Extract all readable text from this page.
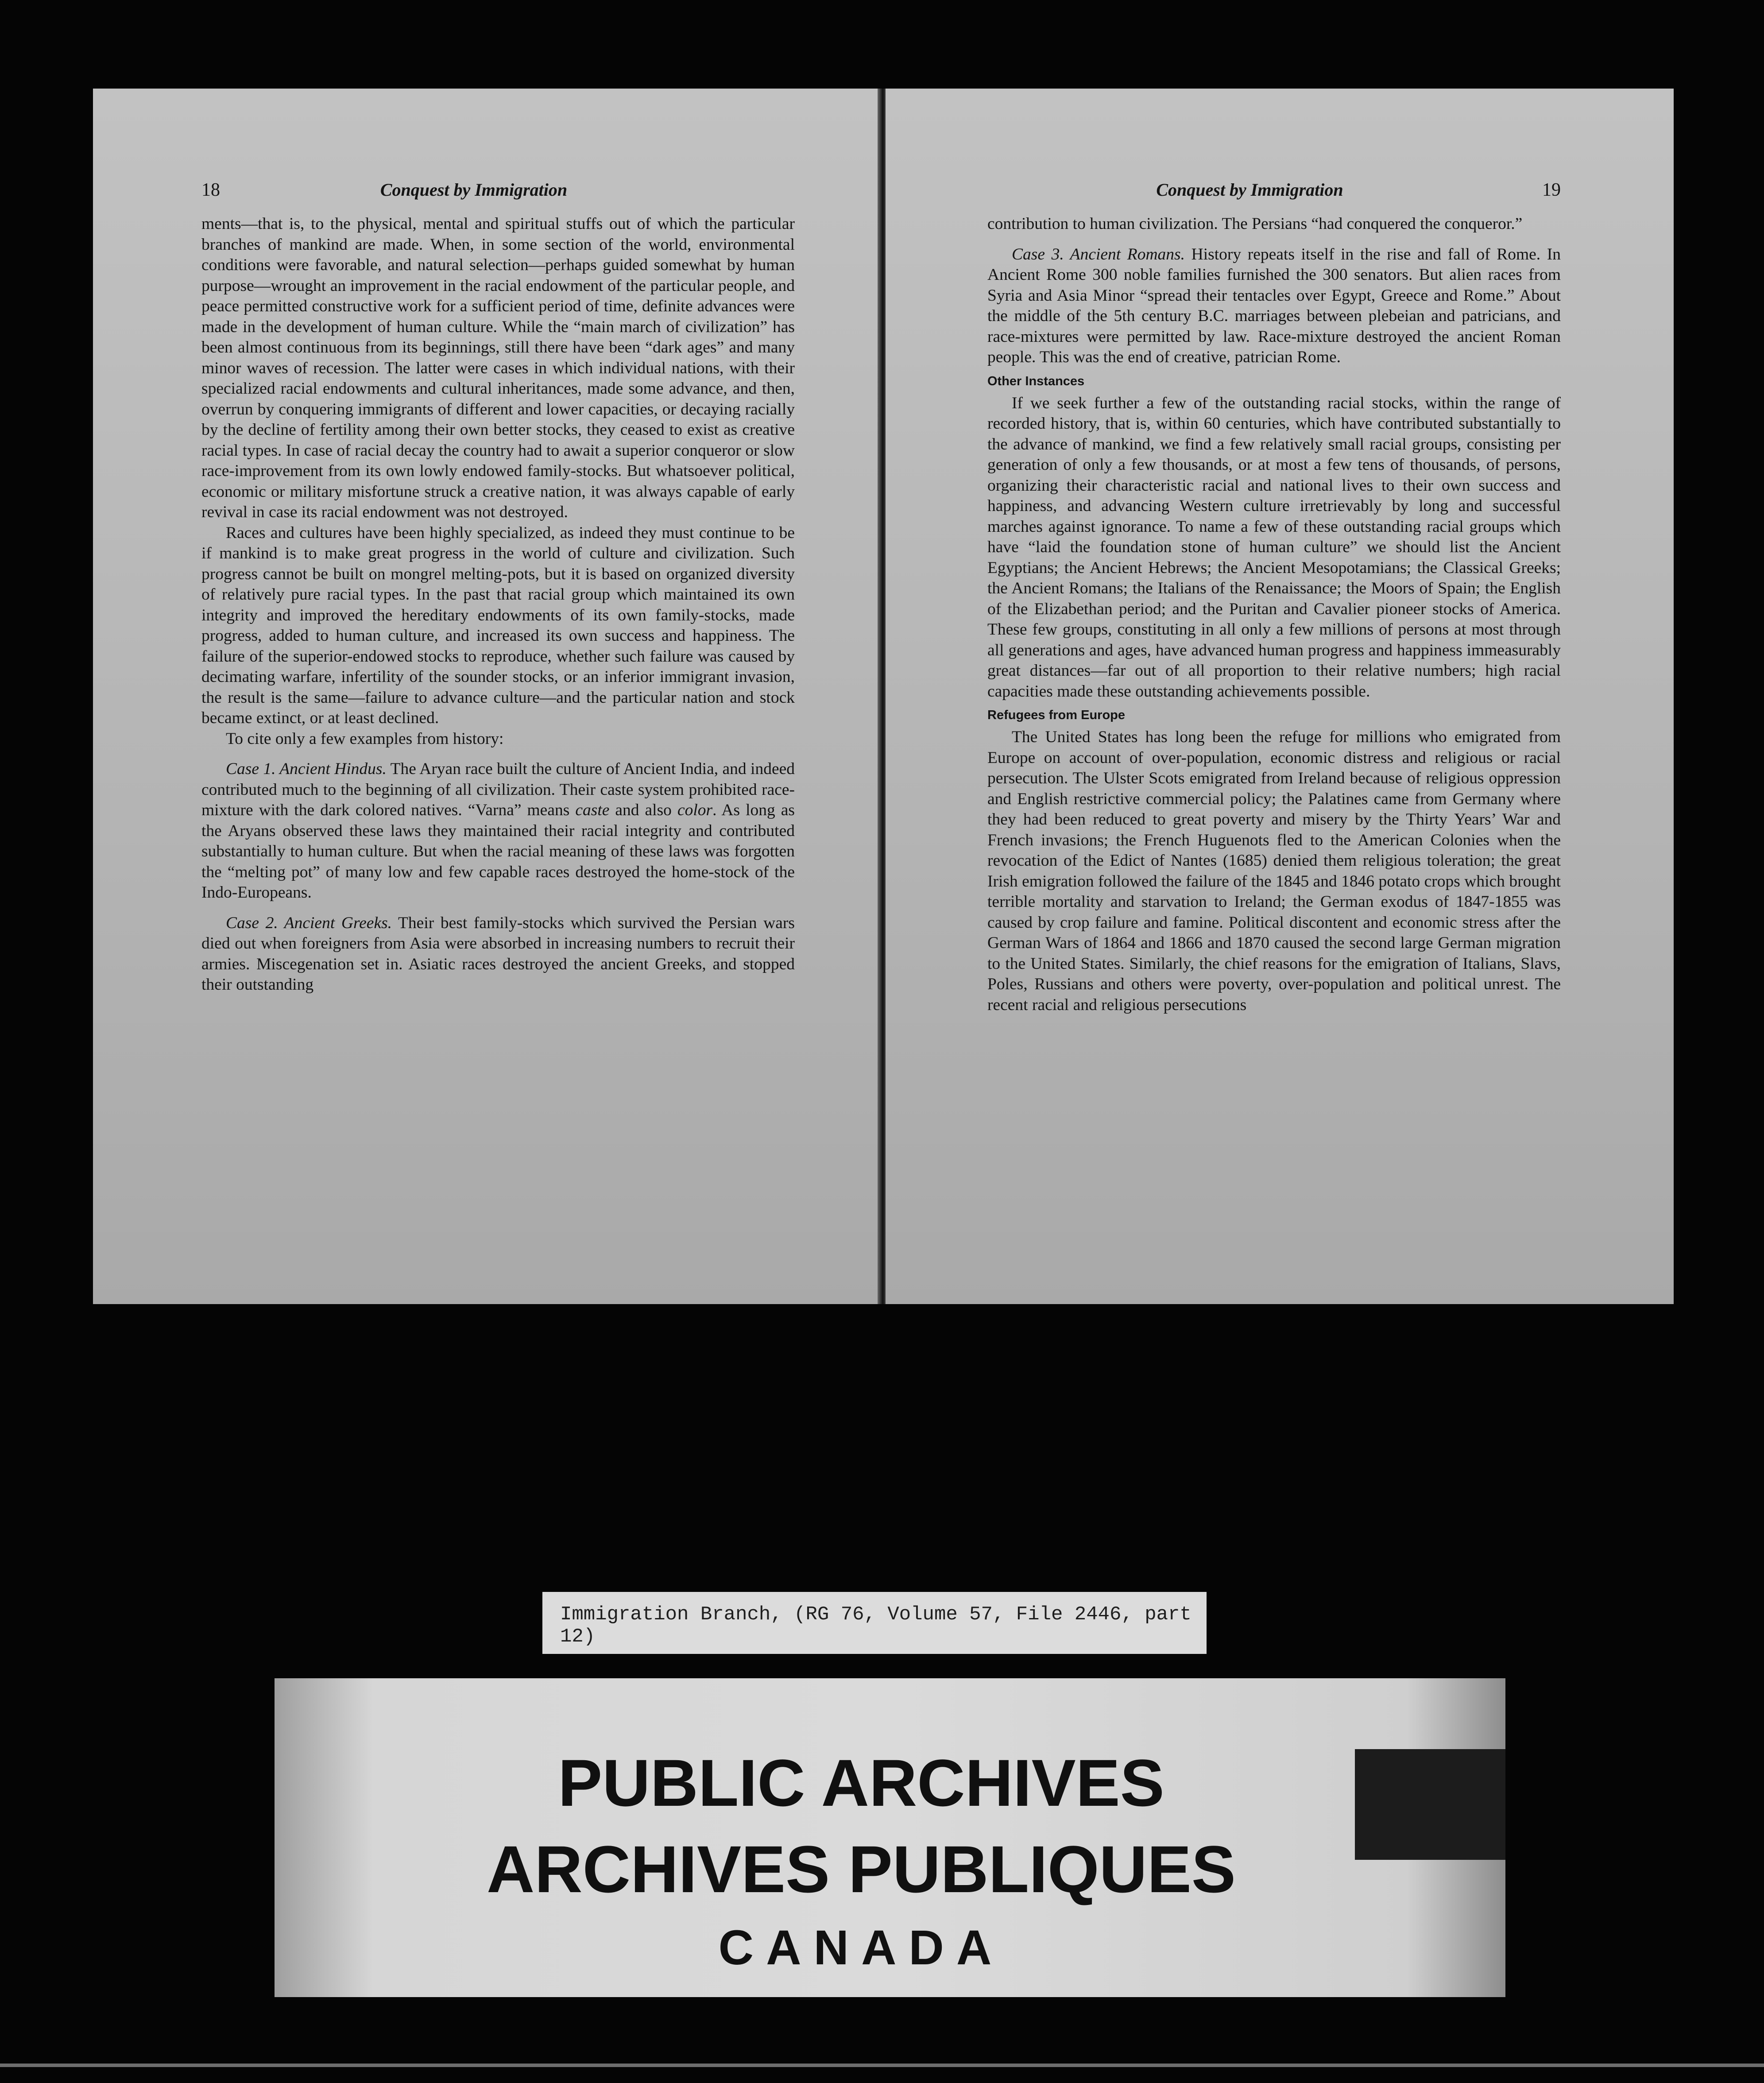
18	Conquest by Immigration

ments—that is, to the physical, mental and spiritual stuffs out of which the particular branches of mankind are made. When, in some section of the world, environmental conditions were favorable, and natural selection—perhaps guided somewhat by human purpose—wrought an improvement in the racial endowment of the particular people, and peace permitted constructive work for a sufficient period of time, definite advances were made in the development of human culture. While the “main march of civilization” has been almost continuous from its beginnings, still there have been “dark ages” and many minor waves of recession. The latter were cases in which individual nations, with their specialized racial endowments and cultural inheritances, made some advance, and then, overrun by conquering immigrants of different and lower capacities, or decaying racially by the decline of fertility among their own better stocks, they ceased to exist as creative racial types. In case of racial decay the country had to await a superior conqueror or slow race-improvement from its own lowly endowed family-stocks. But whatsoever political, economic or military misfortune struck a creative nation, it was always capable of early revival in case its racial endowment was not destroyed.

Races and cultures have been highly specialized, as indeed they must continue to be if mankind is to make great progress in the world of culture and civilization. Such progress cannot be built on mongrel melting-pots, but it is based on organized diversity of relatively pure racial types. In the past that racial group which maintained its own integrity and improved the hereditary endowments of its own family-stocks, made progress, added to human culture, and increased its own success and happiness. The failure of the superior-endowed stocks to reproduce, whether such failure was caused by decimating warfare, infertility of the sounder stocks, or an inferior immigrant invasion, the result is the same—failure to advance culture—and the particular nation and stock became extinct, or at least declined.

To cite only a few examples from history:

Case 1. Ancient Hindus. The Aryan race built the culture of Ancient India, and indeed contributed much to the beginning of all civilization. Their caste system prohibited race-mixture with the dark colored natives. “Varna” means caste and also color. As long as the Aryans observed these laws they maintained their racial integrity and contributed substantially to human culture. But when the racial meaning of these laws was forgotten the “melting pot” of many low and few capable races destroyed the home-stock of the Indo-Europeans.

Case 2. Ancient Greeks. Their best family-stocks which survived the Persian wars died out when foreigners from Asia were absorbed in increasing numbers to recruit their armies. Miscegenation set in. Asiatic races destroyed the ancient Greeks, and stopped their outstanding

Conquest by Immigration	19

contribution to human civilization. The Persians “had conquered the conqueror.”

Case 3. Ancient Romans. History repeats itself in the rise and fall of Rome. In Ancient Rome 300 noble families furnished the 300 senators. But alien races from Syria and Asia Minor “spread their tentacles over Egypt, Greece and Rome.” About the middle of the 5th century B.C. marriages between plebeian and patricians, and race-mixtures were permitted by law. Race-mixture destroyed the ancient Roman people. This was the end of creative, patrician Rome.

Other Instances

If we seek further a few of the outstanding racial stocks, within the range of recorded history, that is, within 60 centuries, which have contributed substantially to the advance of mankind, we find a few relatively small racial groups, consisting per generation of only a few thousands, or at most a few tens of thousands, of persons, organizing their characteristic racial and national lives to their own success and happiness, and advancing Western culture irretrievably by long and successful marches against ignorance. To name a few of these outstanding racial groups which have “laid the foundation stone of human culture” we should list the Ancient Egyptians; the Ancient Hebrews; the Ancient Mesopotamians; the Classical Greeks; the Ancient Romans; the Italians of the Renaissance; the Moors of Spain; the English of the Elizabethan period; and the Puritan and Cavalier pioneer stocks of America. These few groups, constituting in all only a few millions of persons at most through all generations and ages, have advanced human progress and happiness immeasurably great distances—far out of all proportion to their relative numbers; high racial capacities made these outstanding achievements possible.

Refugees from Europe

The United States has long been the refuge for millions who emigrated from Europe on account of over-population, economic distress and religious or racial persecution. The Ulster Scots emigrated from Ireland because of religious oppression and English restrictive commercial policy; the Palatines came from Germany where they had been reduced to great poverty and misery by the Thirty Years’ War and French invasions; the French Huguenots fled to the American Colonies when the revocation of the Edict of Nantes (1685) denied them religious toleration; the great Irish emigration followed the failure of the 1845 and 1846 potato crops which brought terrible mortality and starvation to Ireland; the German exodus of 1847-1855 was caused by crop failure and famine. Political discontent and economic stress after the German Wars of 1864 and 1866 and 1870 caused the second large German migration to the United States. Similarly, the chief reasons for the emigration of Italians, Slavs, Poles, Russians and others were poverty, over-population and political unrest. The recent racial and religious persecutions

Immigration Branch, (RG 76, Volume 57, File 2446, part 12)
PUBLIC ARCHIVES
ARCHIVES PUBLIQUES
CANADA
